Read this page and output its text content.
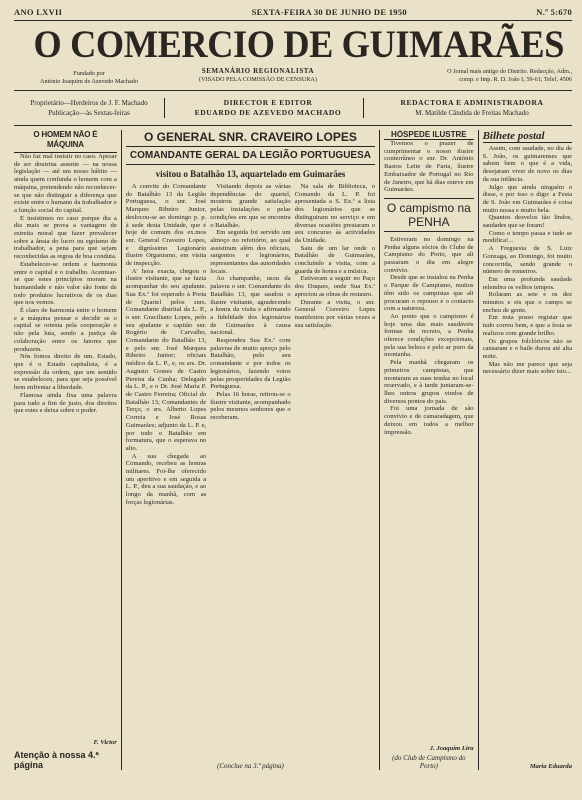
ANO LXVII	SEXTA-FEIRA 30 DE JUNHO DE 1950	N.º 5:670
O COMERCIO DE GUIMARÃES
Fundado por
António Joaquim de Azevedo Machado
SEMANÁRIO REGIONALISTA
(VISADO PELA COMISSÃO DE CENSURA)
O Jornal mais antigo do Distrito. Redacção, Adm.,
comp. e Imp. R. D. João I, 59-61; Telef. 4506
Proprietário—Herdeiros de J. F. Machado
Publicação—às Sextas-feiras
DIRECTOR E EDITOR
EDUARDO DE AZEVEDO MACHADO
REDACTORA E ADMINISTRADORA
M. Matilde Cândida de Freitas Machado
O HOMEM NÃO É MÁQUINA

Não faz mal insistir no caso. Apesar de ser doutrina assente — na nossa legislação — até um nosso hábito — ainda quem confunda o homem com a máquina, pretendendo não reconhecer-se que não distinguir a diferença que existe entre o humano da trabalhador e a função social do capital.

E insistimos no caso porque dia a dia mais se prova a vantagem de estreita moral que fazer prevalecer sobre a ânsia do lucro ou egoísmo de trabalhador, a pena para que sejam reconhecidas as regras de boa conduta.

Estabelecer-se ordem e harmonia entre o capital e o trabalho. Acentuar-se que estes princípios moram na humanidade e não valor são fonte de todo produtos lucrativos de os dias que nos vemos.

É claro de harmonia entre o homem e a máquina pensar e decidir se o capital se orienta pela cooperação e não pela luta, sendo a justiça de colaboração entre os fatores que produzem.

Nós fomos direito de um. Estado, que é o Estado capitalista, é a expressão da ordem, que um sentido se estabeleceu, para que seja possível bem enfrentar a liberdade.

Flamosa ainda fixa uma palavra para tudo a fim de justo, dos direitos que estes e deixa sobre o poder.

F. Victor
Atenção à nossa 4.ª página
O GENERAL SNR. CRAVEIRO LOPES
COMANDANTE GERAL DA LEGIÃO PORTUGUESA
visitou o Batalhão 13, aquartelado em Guimarães

A convite do Comandante do Batalhão 13 da Legião Portuguesa, o snr. José Marques Ribeiro Junior, deslocou-se ao domingo p. p. à sede desta Unidade, que é hoje de comum dos ex.mos snr. General Craveiro Lopes, e digníssimo Legionário Ilustre Organismo, em visita de inspecção.

A' hora exacta, chegou o ilustre visitante, que se fazia acompanhar do seu ajudante. Sua Ex.ª foi esperado à Porta de Quartel pelos snrs. Comandante distrital da L. P., o snr. Graciliano Lopes, pelo seu ajudante e capitão snr. Rogério de Carvalho, Comandante do Batalhão 13, e pelo snr. José Marques Ribeiro Junior; oficiais médico da L. P., e, os srs. Dr. Augusto Gomes de Castro Pereira da Cunha; Delegado da L. P., e o Dr. José Maria P. de Castro Ferreira; Oficial do Batalhão 13; Comandantes de Terço, o srs. Alberto Lopes Correia e José Rosas Guimarães; adjunto da L. P. e, por todo o Batalhão em formatura, que o esperava no alto.

A sua chegada ao Comando, recebeu as honras militares. Foi-lhe oferecido um aperitivo e em seguida a L. P., deu a sua saudação, e ao longo da manhã, com as forças legionárias.

Visitando depois as várias dependências do quartel, mostrou grande satisfação pelas instalações e pelas condições em que se encontra o Batalhão.

Em seguida foi servido um almoço no refeitório, ao qual assistiram além dos oficiais, sargentos e legionários, representantes das autoridades locais.

Ao champanhe, usou da palavra o snr. Comandante do Batalhão 13, que saudou o ilustre visitante, agradecendo a honra da visita e afirmando a fidelidade dos legionários de Guimarães à causa nacional.

Respondeu Sua Ex.ª com palavras de muito apreço pelo Batalhão, pelo seu comandante e por todos os legionários, fazendo votos pelas prosperidades da Legião Portuguesa.

Pelas 16 horas, retirou-se o ilustre visitante, acompanhado pelos mesmos senhores que o receberam.

Na sala de Biblioteca, o Comando da L. P. foi apresentada a S. Ex.ª a lista dos legionários que se distinguiram no serviço e em diversas ocasiões prestaram o seu concurso às actividades da Unidade.

Saiu de um lar onde o Batalhão de Guimarães, concluindo a visita, com a guarda de honra e a música.

Estiveram a seguir no Paço dos Duques, onde Sua Ex.ª apreciou as obras de restauro.

Durante a visita, o snr. General Craveiro Lopes manifestou por várias vezes a sua satisfação.

(Conclue na 3.ª página)
HÓSPEDE ILUSTRE

Tivemos o prazer de cumprimentar o nosso ilustre conterrâneo o snr. Dr. António Bastos Leite de Faria, ilustre Embaixador de Portugal no Rio de Janeiro, que há dias esteve em Guimarães.

O campismo na PENHA

Estiveram no domingo na Penha alguns sócios do Clube de Campismo do Porto, que ali passaram o dia em alegre convívio.

Desde que se instalou na Penha o Parque de Campismo, muitos têm sido os campistas que ali procuram o repouso e o contacto com a natureza.

Ao ponto que o campismo é hoje uma das mais saudáveis formas de recreio, a Penha oferece condições excepcionais, pela sua beleza e pelo ar puro da montanha.

Pela manhã chegaram os primeiros campistas, que montaram as suas tendas no local reservado, e à tarde juntaram-se-lhes outros grupos vindos de diversos pontos do país.

Foi uma jornada de são convívio e de camaradagem, que deixou em todos a melhor impressão.

J. Joaquim Lira
(do Club de Campismo do Porto)
Bilhete postal

Assim, com saudade, no dia de S. João, os guimarenses que sabem bem o que é a vida, desejaram viver de novo os dias da sua infância.

Julgo que ainda ninguém o disse, e por isso o digo: a Festa de S. João em Guimarães é coisa muito nossa e muito bela.

Quantos desvelos tão lindos, saudades que se foram!

Como o tempo passa e tudo se modifica!...

A Freguesia de S. Luiz Gonzaga, ao Domingo, foi muito concorrida, sendo grande o número de romeiros.

Em uma profunda saudade relembra os velhos tempos.

Rolaram as sete e os dez minutos e eis que o campo se encheu de gente.

Em nota posso registar que tudo correu bem, e que a festa se realizou com grande brilho.

Os grupos folclóricos não se cansaram e o baile durou até alta noite.

Mas não me parece que seja necessário dizer mais sobre isto...

Maria Eduarda
